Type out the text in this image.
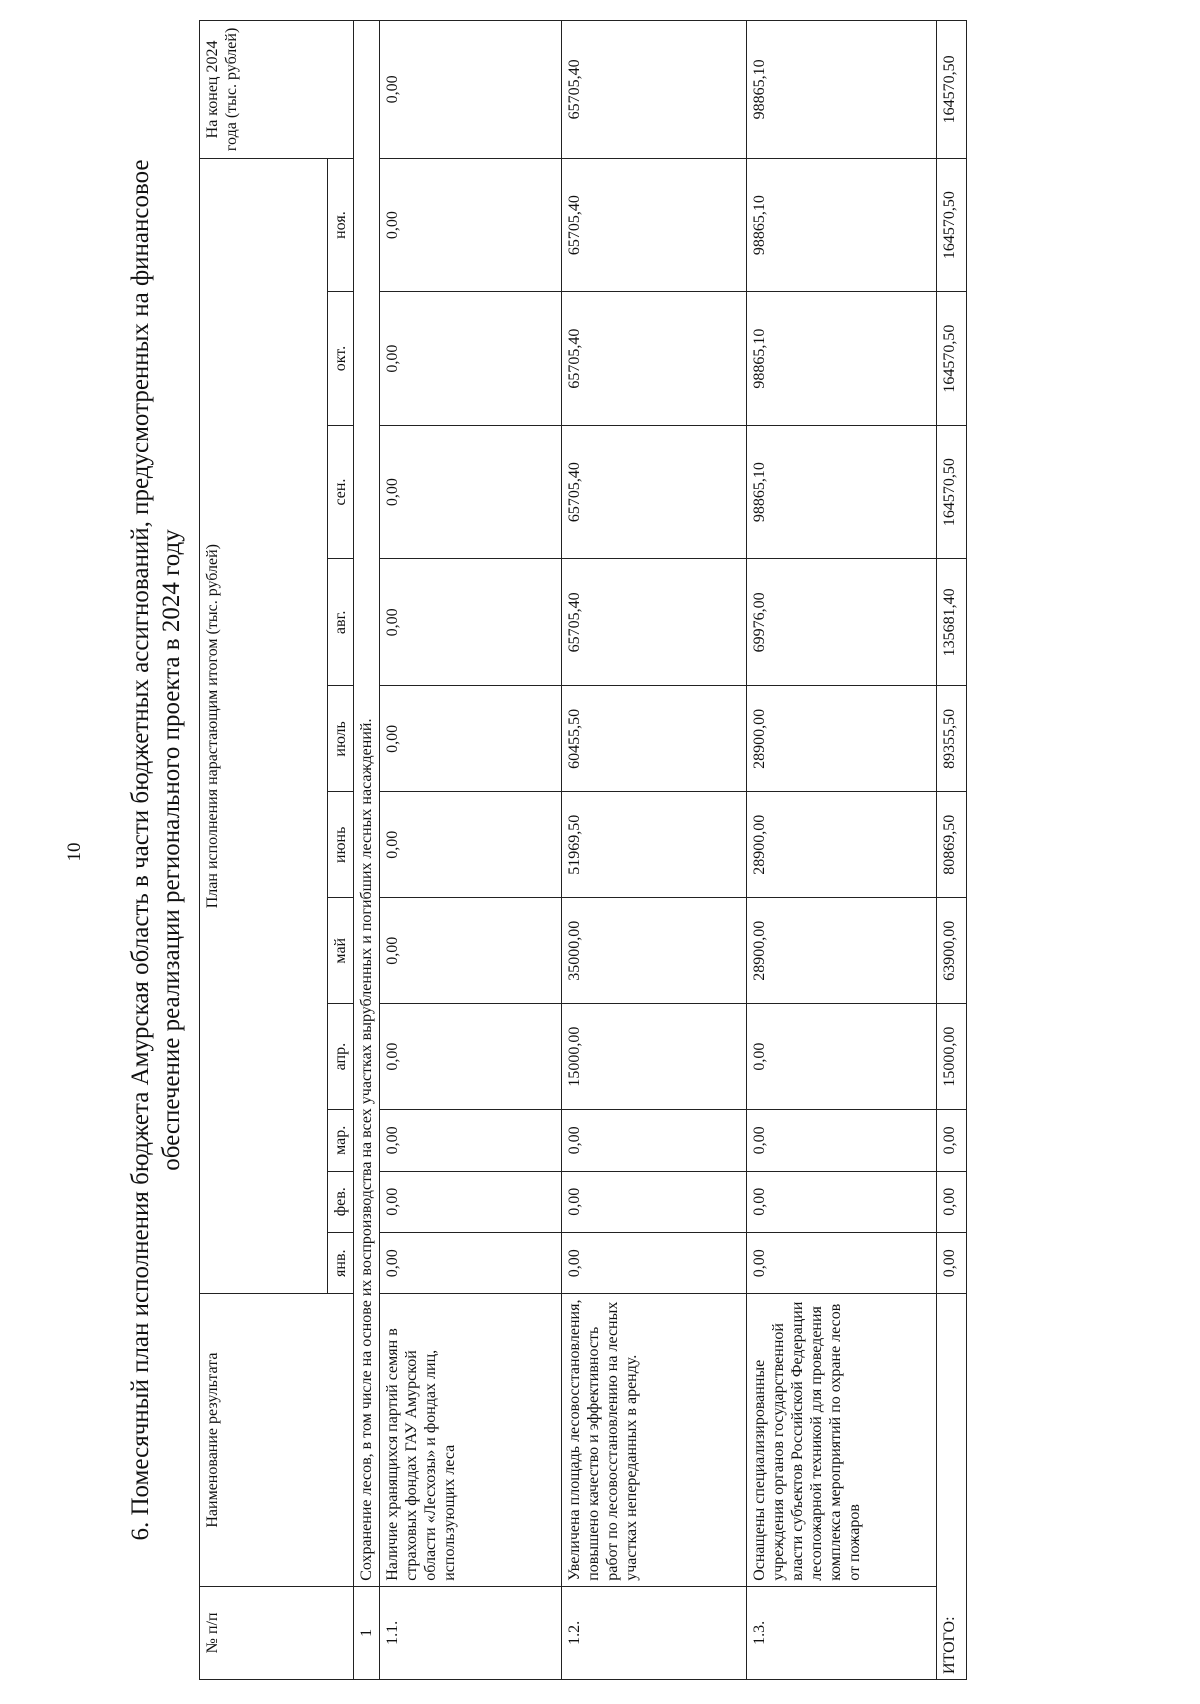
10 6. Помесячный план исполнения бюджета Амурская область в части бюджетных ассигнований, предусмотренных на финансовое обеспечение реализации регионального проекта в 2024 году
№ п/п	Наименование результата	План исполнения нарастающим итогом (тыс. рублей)											На конец 2024 года (тыс. рублей)
		янв.	фев.	мар.	апр.	май	июнь	июль	авг.	сен.	окт.	ноя.	
1	Сохранение лесов, в том числе на основе их воспроизводства на всех участках вырубленных и погибших лесных насаждений.												
1.1.	Наличие хранящихся партий семян в страховых фондах ГАУ Амурской области «Лесхозы» и фондах лиц, использующих леса	0,00	0,00	0,00	0,00	0,00	0,00	0,00	0,00	0,00	0,00	0,00	0,00
1.2.	Увеличена площадь лесовосстановления, повышено качество и эффективность работ по лесовосстановлению на лесных участках непереданных в аренду.	0,00	0,00	0,00	15000,00	35000,00	51969,50	60455,50	65705,40	65705,40	65705,40	65705,40	65705,40
1.3.	Оснащены специализированные учреждения органов государственной власти субъектов Российской Федерации лесопожарной техникой для проведения комплекса мероприятий по охране лесов от пожаров	0,00	0,00	0,00	0,00	28900,00	28900,00	28900,00	69976,00	98865,10	98865,10	98865,10	98865,10
ИТОГО:		0,00	0,00	0,00	15000,00	63900,00	80869,50	89355,50	135681,40	164570,50	164570,50	164570,50	164570,50
